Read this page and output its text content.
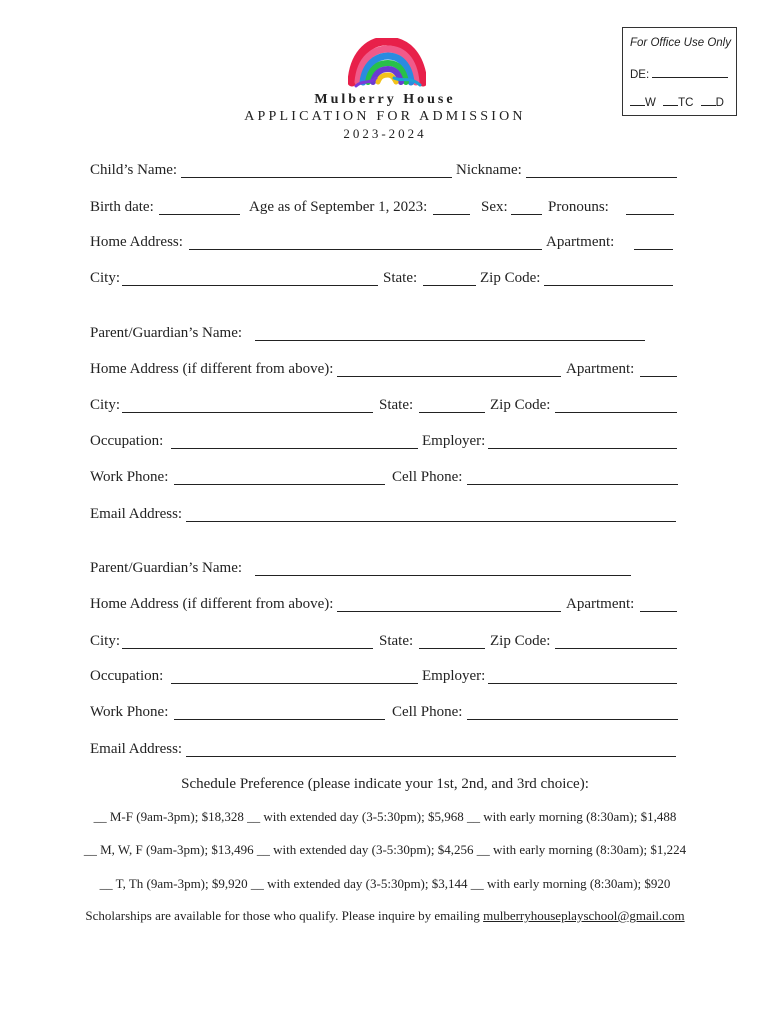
For Office Use Only
DE:
W TC D
Mulberry House
APPLICATION FOR ADMISSION
2023-2024
Child’s Name:	Nickname:
Birth date:	Age as of September 1, 2023:	Sex:	Pronouns:
Home Address:	Apartment:
City:	State:	Zip Code:
Parent/Guardian’s Name:
Home Address (if different from above):	Apartment:
City:	State:	Zip Code:
Occupation:	Employer:
Work Phone:	Cell Phone:
Email Address:
Parent/Guardian’s Name:
Home Address (if different from above):	Apartment:
City:	State:	Zip Code:
Occupation:	Employer:
Work Phone:	Cell Phone:
Email Address:
Schedule Preference (please indicate your 1st, 2nd, and 3rd choice):
__ M-F (9am-3pm); $18,328 __ with extended day (3-5:30pm); $5,968 __ with early morning (8:30am); $1,488
__ M, W, F (9am-3pm); $13,496 __ with extended day (3-5:30pm); $4,256 __ with early morning (8:30am); $1,224
__ T, Th (9am-3pm); $9,920 __ with extended day (3-5:30pm); $3,144 __ with early morning (8:30am); $920
Scholarships are available for those who qualify. Please inquire by emailing mulberryhouseplayschool@gmail.com
